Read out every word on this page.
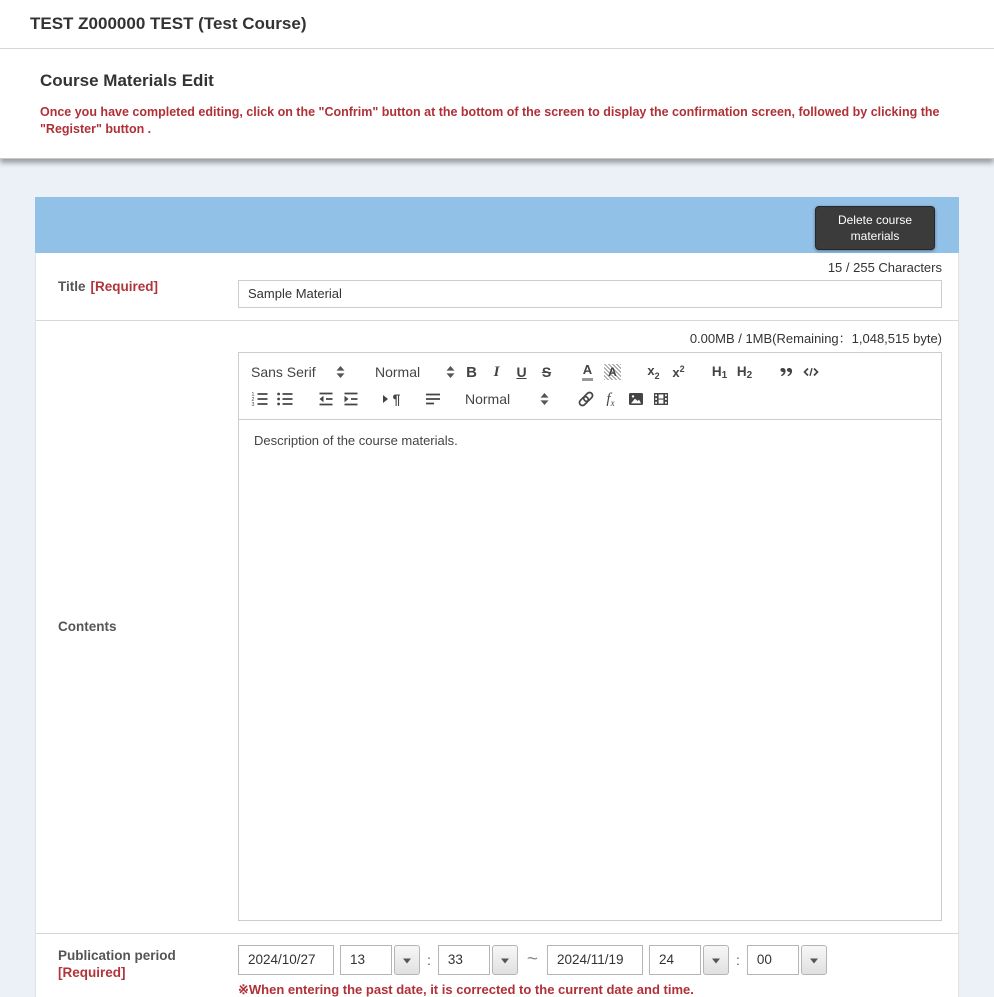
TEST Z000000 TEST (Test Course)
Course Materials Edit

Once you have completed editing, click on the "Confrim" button at the bottom of the screen to display the confirmation screen, followed by clicking the "Register" button .

Delete course materials
Title [Required]
15 / 255 Characters
Sample Material
Contents
0.00MB / 1MB(Remaining：1,048,515 byte)
Sans Serif	Normal	B I U S A	A	$x_2$ $x^2$ H1 H2
1
2
3	¶	Normal	$f_x$
Description of the course materials.
Publication period
[Required]
2024/10/27
13
:
33	~
2024/11/19
24	:
00
※When entering the past date, it is corrected to the current date and time.
